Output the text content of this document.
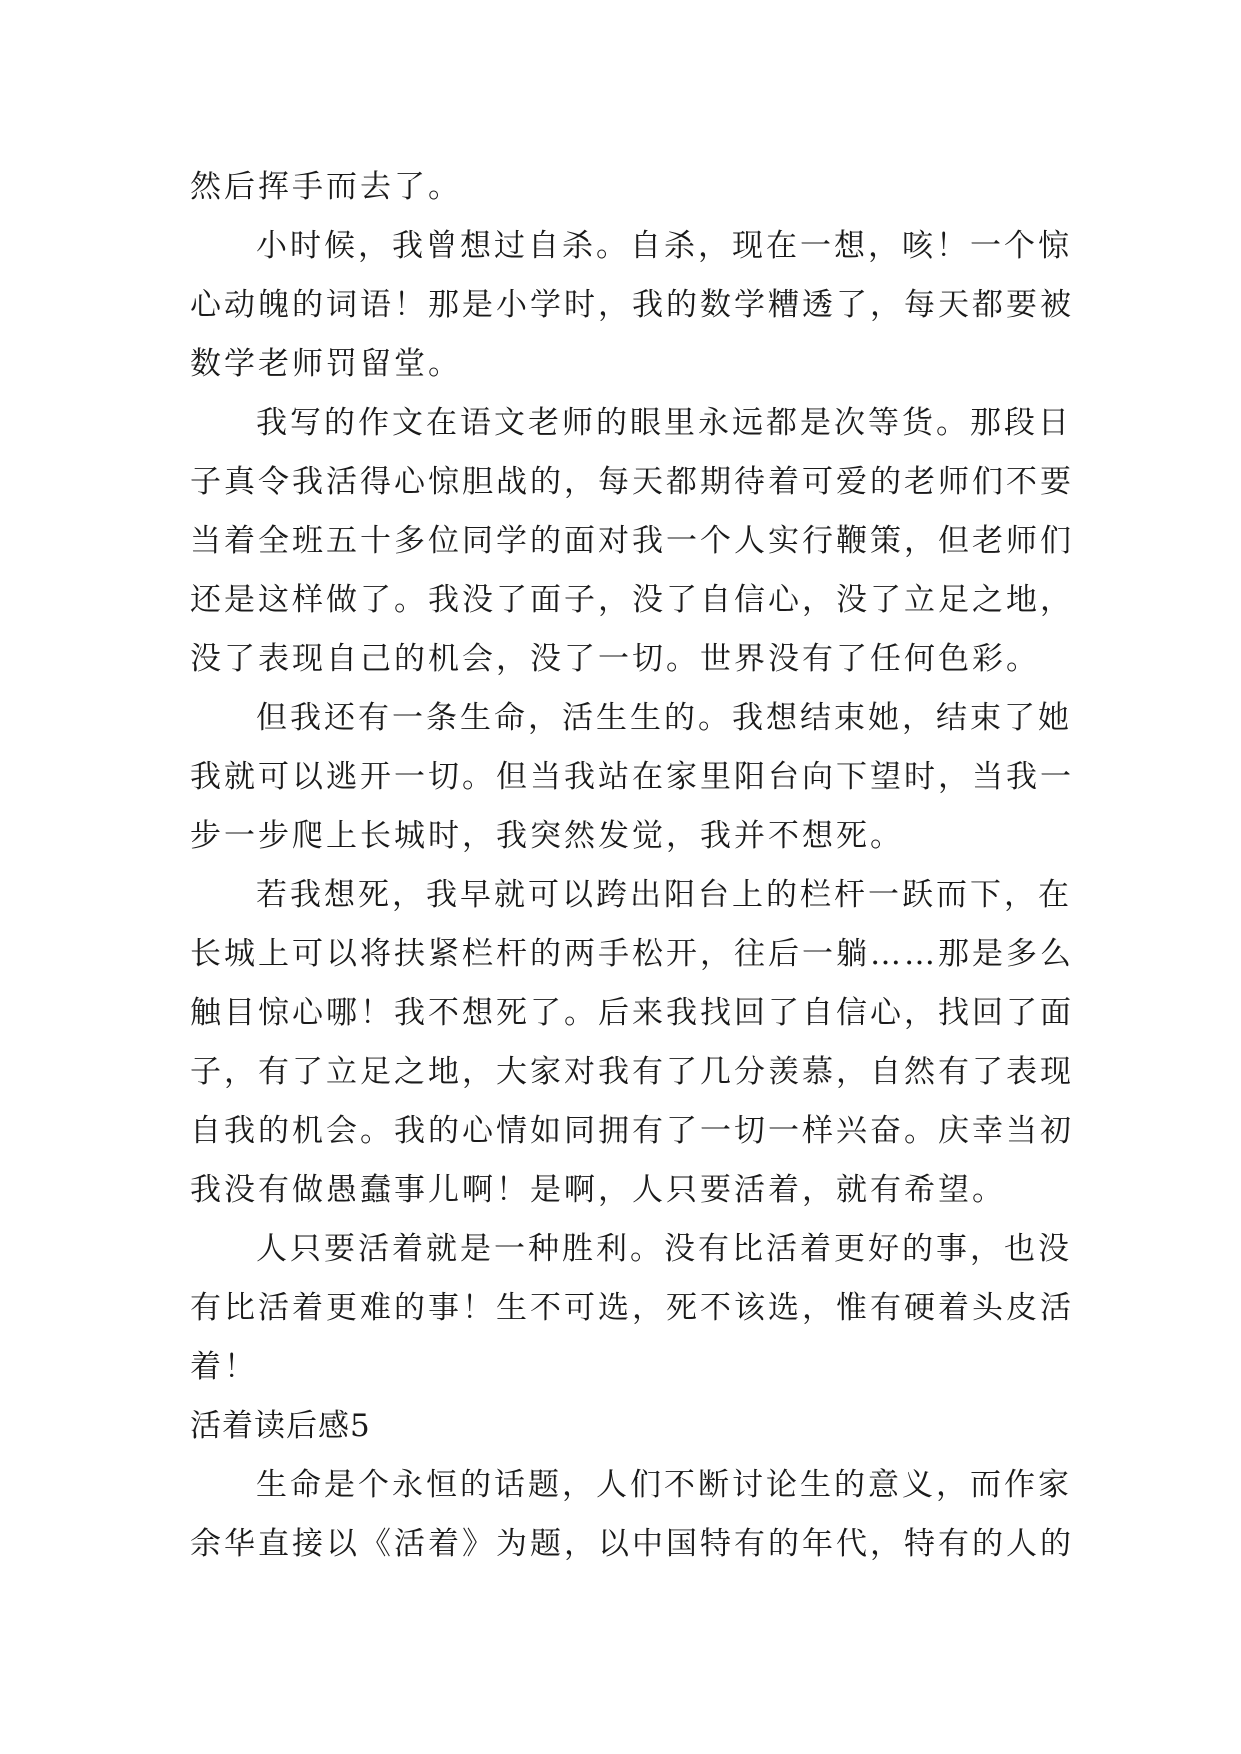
然后挥手而去了。
小时候，我曾想过自杀。自杀，现在一想，咳！一个惊
心动魄的词语！那是小学时，我的数学糟透了，每天都要被
数学老师罚留堂。
我写的作文在语文老师的眼里永远都是次等货。那段日
子真令我活得心惊胆战的，每天都期待着可爱的老师们不要
当着全班五十多位同学的面对我一个人实行鞭策，但老师们
还是这样做了。我没了面子，没了自信心，没了立足之地，
没了表现自己的机会，没了一切。世界没有了任何色彩。
但我还有一条生命，活生生的。我想结束她，结束了她
我就可以逃开一切。但当我站在家里阳台向下望时，当我一
步一步爬上长城时，我突然发觉，我并不想死。
若我想死，我早就可以跨出阳台上的栏杆一跃而下，在
长城上可以将扶紧栏杆的两手松开，往后一躺……那是多么
触目惊心哪！我不想死了。后来我找回了自信心，找回了面
子，有了立足之地，大家对我有了几分羡慕，自然有了表现
自我的机会。我的心情如同拥有了一切一样兴奋。庆幸当初
我没有做愚蠢事儿啊！是啊，人只要活着，就有希望。
人只要活着就是一种胜利。没有比活着更好的事，也没
有比活着更难的事！生不可选，死不该选，惟有硬着头皮活
着！
活着读后感5
生命是个永恒的话题，人们不断讨论生的意义，而作家
余华直接以《活着》为题，以中国特有的年代，特有的人的
